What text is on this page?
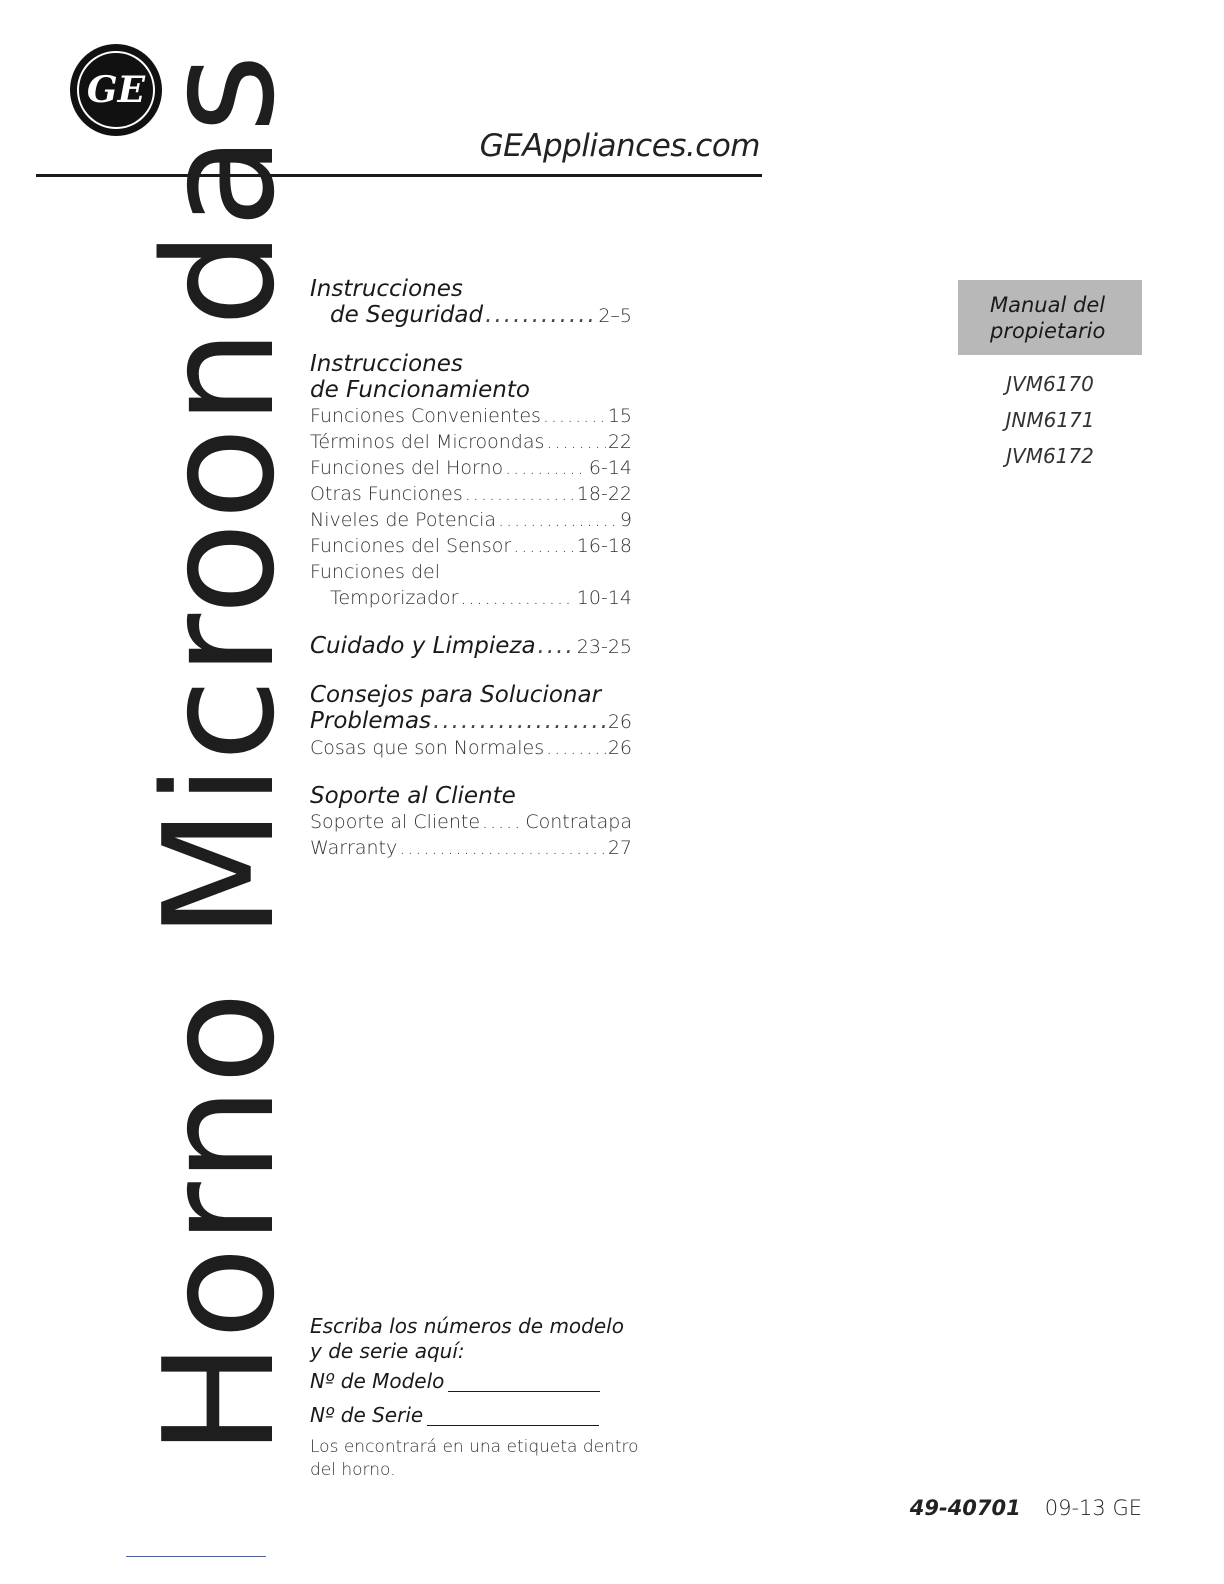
GE
GEAppliances.com
Horno Microondas Instrucciones
de Seguridad .....	2–5
Instrucciones
de Funcionamiento
Funciones Convenientes .....	15
Términos del Microondas .....	22
Funciones del Horno .....	6-14
Otras Funciones .....	18-22
Niveles de Potencia .....	9
Funciones del Sensor .....	16-18
Funciones del
Temporizador .....	10-14
Cuidado y Limpieza ..... 23-25
Consejos para Solucionar
Problemas .....	26
Cosas que son Normales .....	26
Soporte al Cliente
Soporte al Cliente ..... Contratapa
Warranty .....	27
Manual del
propietario
JVM6170
JNM6171
JVM6172
Escriba los números de modelo
y de serie aquí:
Nº de Modelo
Nº de Serie
Los encontrará en una etiqueta dentro
del horno.
49-40701 09-13 GE
